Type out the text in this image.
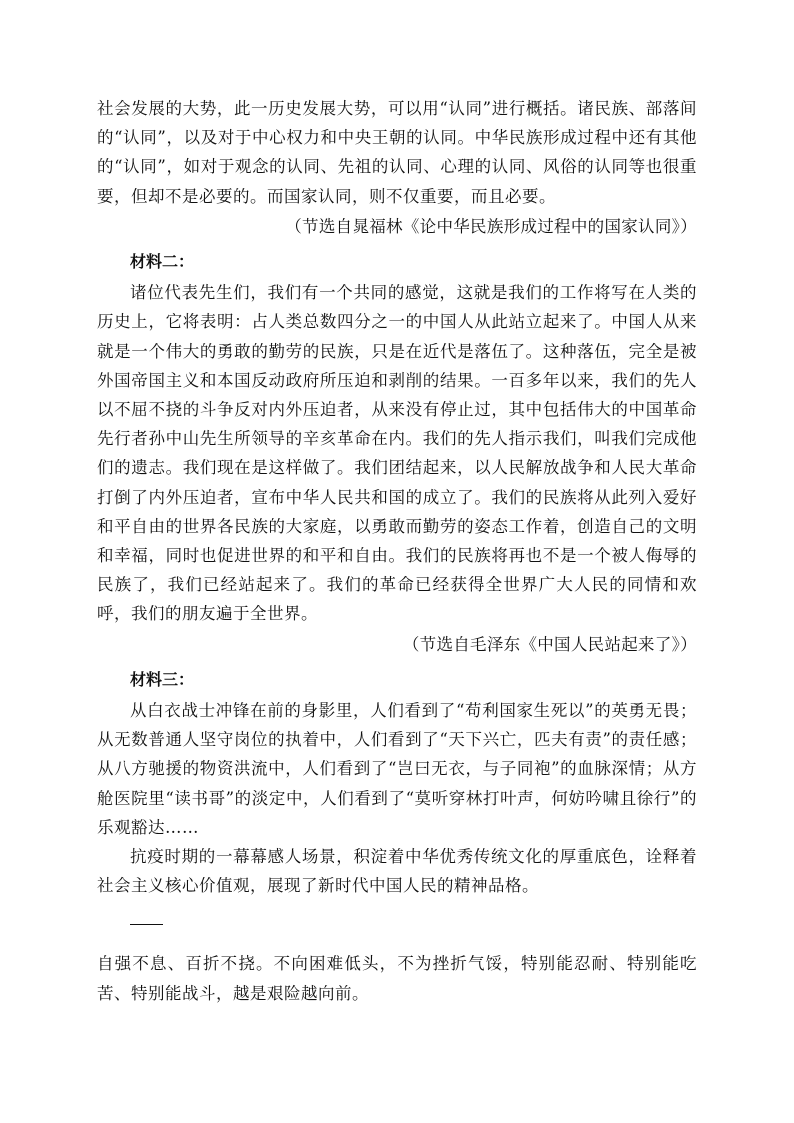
社会发展的大势，此一历史发展大势，可以用“认同”进行概括。诸民族、部落间的“认同”，以及对于中心权力和中央王朝的认同。中华民族形成过程中还有其他的“认同”，如对于观念的认同、先祖的认同、心理的认同、风俗的认同等也很重要，但却不是必要的。而国家认同，则不仅重要，而且必要。

（节选自晁福林《论中华民族形成过程中的国家认同》）

材料二：

诸位代表先生们，我们有一个共同的感觉，这就是我们的工作将写在人类的历史上，它将表明：占人类总数四分之一的中国人从此站立起来了。中国人从来就是一个伟大的勇敢的勤劳的民族，只是在近代是落伍了。这种落伍，完全是被外国帝国主义和本国反动政府所压迫和剥削的结果。一百多年以来，我们的先人以不屈不挠的斗争反对内外压迫者，从来没有停止过，其中包括伟大的中国革命先行者孙中山先生所领导的辛亥革命在内。我们的先人指示我们，叫我们完成他们的遗志。我们现在是这样做了。我们团结起来，以人民解放战争和人民大革命打倒了内外压迫者，宣布中华人民共和国的成立了。我们的民族将从此列入爱好和平自由的世界各民族的大家庭，以勇敢而勤劳的姿态工作着，创造自己的文明和幸福，同时也促进世界的和平和自由。我们的民族将再也不是一个被人侮辱的民族了，我们已经站起来了。我们的革命已经获得全世界广大人民的同情和欢呼，我们的朋友遍于全世界。

（节选自毛泽东《中国人民站起来了》）

材料三：

从白衣战士冲锋在前的身影里，人们看到了“苟利国家生死以”的英勇无畏；从无数普通人坚守岗位的执着中，人们看到了“天下兴亡，匹夫有责”的责任感；从八方驰援的物资洪流中，人们看到了“岂曰无衣，与子同袍”的血脉深情；从方舱医院里“读书哥”的淡定中，人们看到了“莫听穿林打叶声，何妨吟啸且徐行”的乐观豁达……

抗疫时期的一幕幕感人场景，积淀着中华优秀传统文化的厚重底色，诠释着社会主义核心价值观，展现了新时代中国人民的精神品格。

自强不息、百折不挠。不向困难低头，不为挫折气馁，特别能忍耐、特别能吃苦、特别能战斗，越是艰险越向前。
